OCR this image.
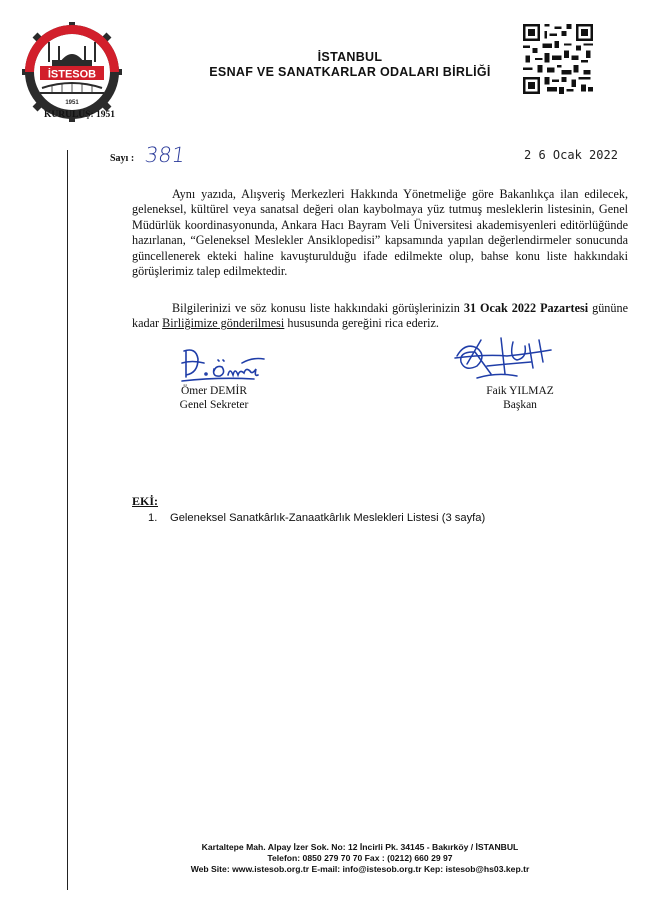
İSTESOB
1951
KURULUŞ: 1951
İSTANBUL
ESNAF VE SANATKARLAR ODALARI BİRLİĞİ
Sayı : 381	2 6 Ocak 2022
Aynı yazıda, Alışveriş Merkezleri Hakkında Yönetmeliğe göre Bakanlıkça ilan edilecek, geleneksel, kültürel veya sanatsal değeri olan kaybolmaya yüz tutmuş mesleklerin listesinin, Genel Müdürlük koordinasyonunda, Ankara Hacı Bayram Veli Üniversitesi akademisyenleri editörlüğünde hazırlanan, “Geleneksel Meslekler Ansiklopedisi” kapsamında yapılan değerlendirmeler sonucunda güncellenerek ekteki haline kavuşturulduğu ifade edilmekte olup, bahse konu liste hakkındaki görüşlerimiz talep edilmektedir.
Bilgilerinizi ve söz konusu liste hakkındaki görüşlerinizin 31 Ocak 2022 Pazartesi gününe kadar Birliğimize gönderilmesi hususunda gereğini rica ederiz.
Ömer DEMİR
Genel Sekreter
Faik YILMAZ
Başkan
EKİ:
1. Geleneksel Sanatkârlık-Zanaatkârlık Meslekleri Listesi (3 sayfa)
Kartaltepe Mah. Alpay İzer Sok. No: 12 İncirli Pk. 34145 - Bakırköy / İSTANBUL
Telefon: 0850 279 70 70 Fax : (0212) 660 29 97
Web Site: www.istesob.org.tr E-mail: info@istesob.org.tr Kep: istesob@hs03.kep.tr
